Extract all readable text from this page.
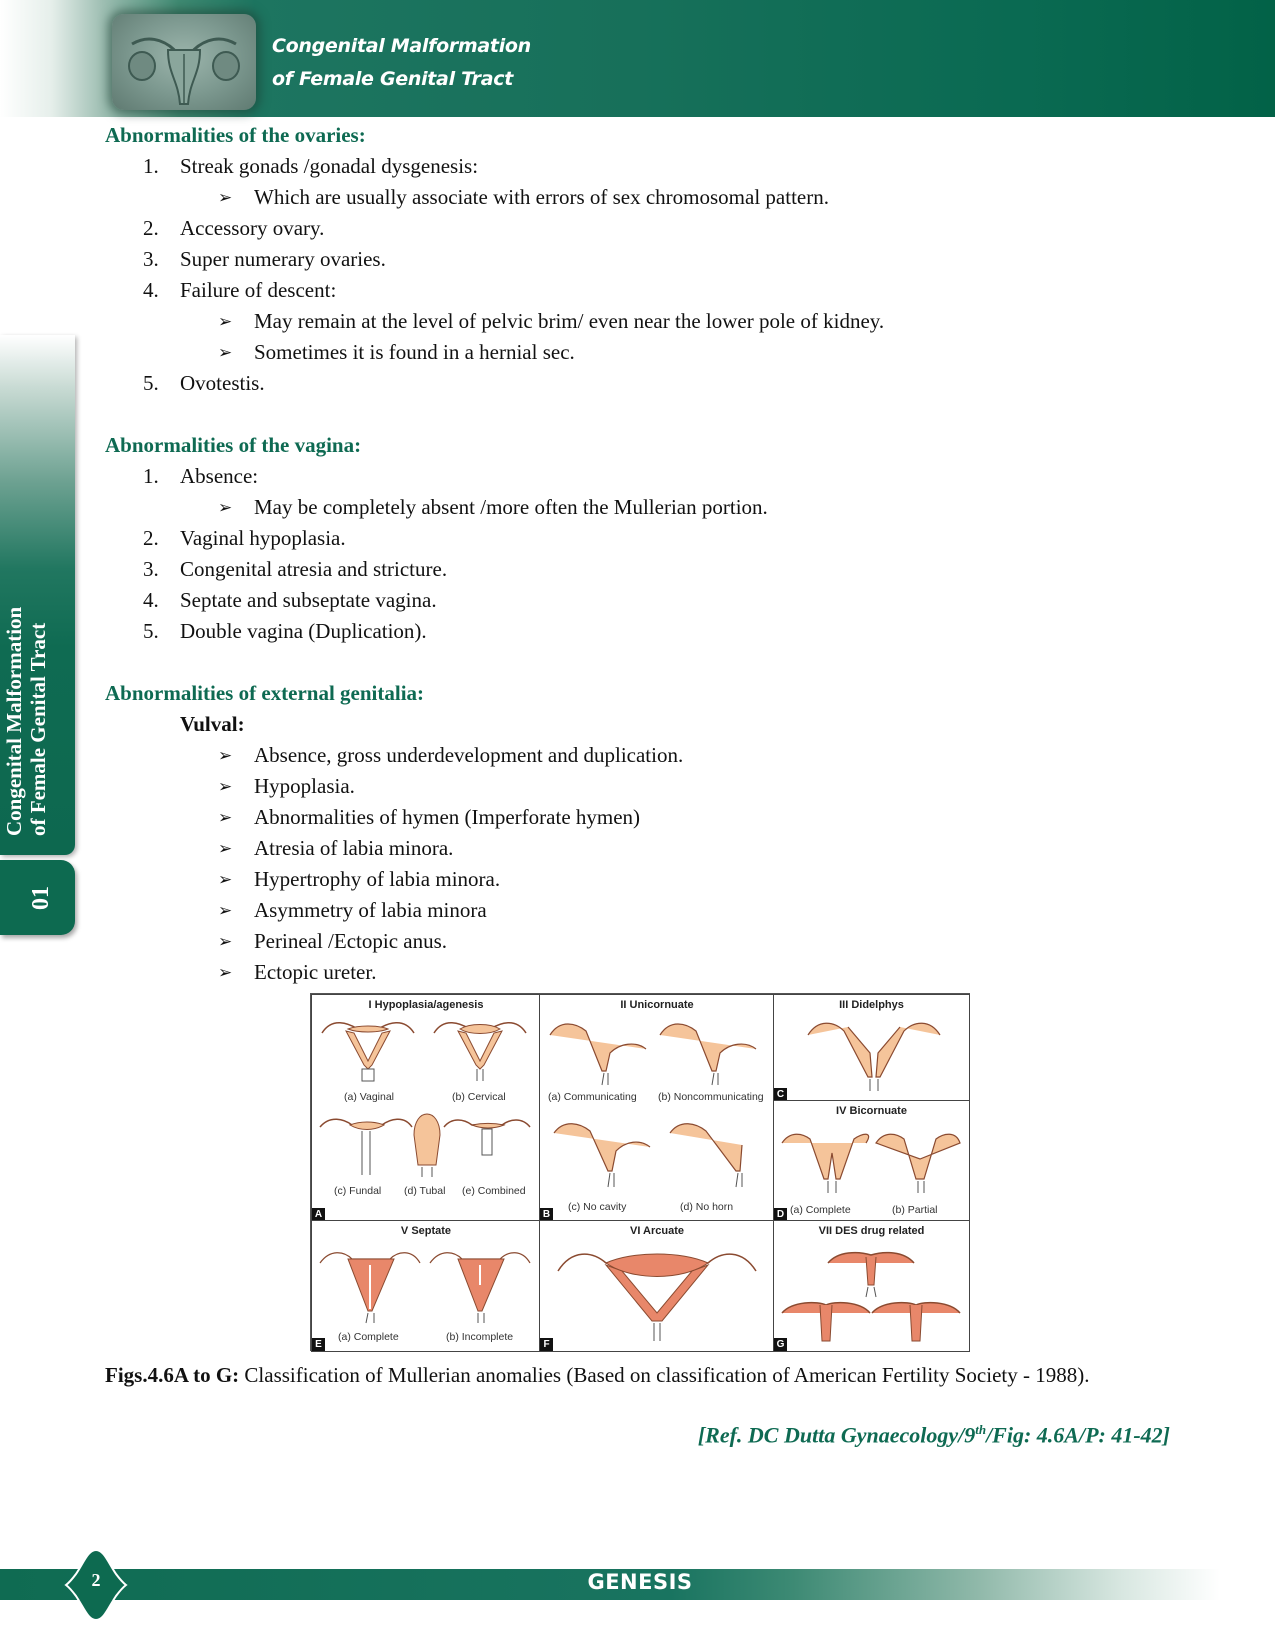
Congenital Malformation
of Female Genital Tract
Congenital Malformation of Female Genital Tract
01
Abnormalities of the ovaries:
1.	Streak gonads /gonadal dysgenesis:
➢	Which are usually associate with errors of sex chromosomal pattern.
2.	Accessory ovary.
3.	Super numerary ovaries.
4.	Failure of descent:
➢	May remain at the level of pelvic brim/ even near the lower pole of kidney.
➢	Sometimes it is found in a hernial sec.
5.	Ovotestis.
Abnormalities of the vagina:
1.	Absence:
➢	May be completely absent /more often the Mullerian portion.
2.	Vaginal hypoplasia.
3.	Congenital atresia and stricture.
4.	Septate and subseptate vagina.
5.	Double vagina (Duplication).
Abnormalities of external genitalia:
Vulval:
➢	Absence, gross underdevelopment and duplication.
➢	Hypoplasia.
➢	Abnormalities of hymen (Imperforate hymen)
➢	Atresia of labia minora.
➢	Hypertrophy of labia minora.
➢	Asymmetry of labia minora
➢	Perineal /Ectopic anus.
➢	Ectopic ureter.
I Hypoplasia/agenesis
(a) Vaginal	(b) Cervical
(c) Fundal (d) Tubal (e) Combined
A
II Unicornuate
(a) Communicating (b) Noncommunicating
(c) No cavity	(d) No horn
B
III Didelphys
C
IV Bicornuate
(a) Complete	(b) Partial
D
V Septate
(a) Complete	(b) Incomplete
E
VI Arcuate
F
VII DES drug related
G
Figs.4.6A to G: Classification of Mullerian anomalies (Based on classification of American Fertility Society - 1988).
[Ref. DC Dutta Gynaecology/9th/Fig: 4.6A/P: 41-42]
2	GENESIS
